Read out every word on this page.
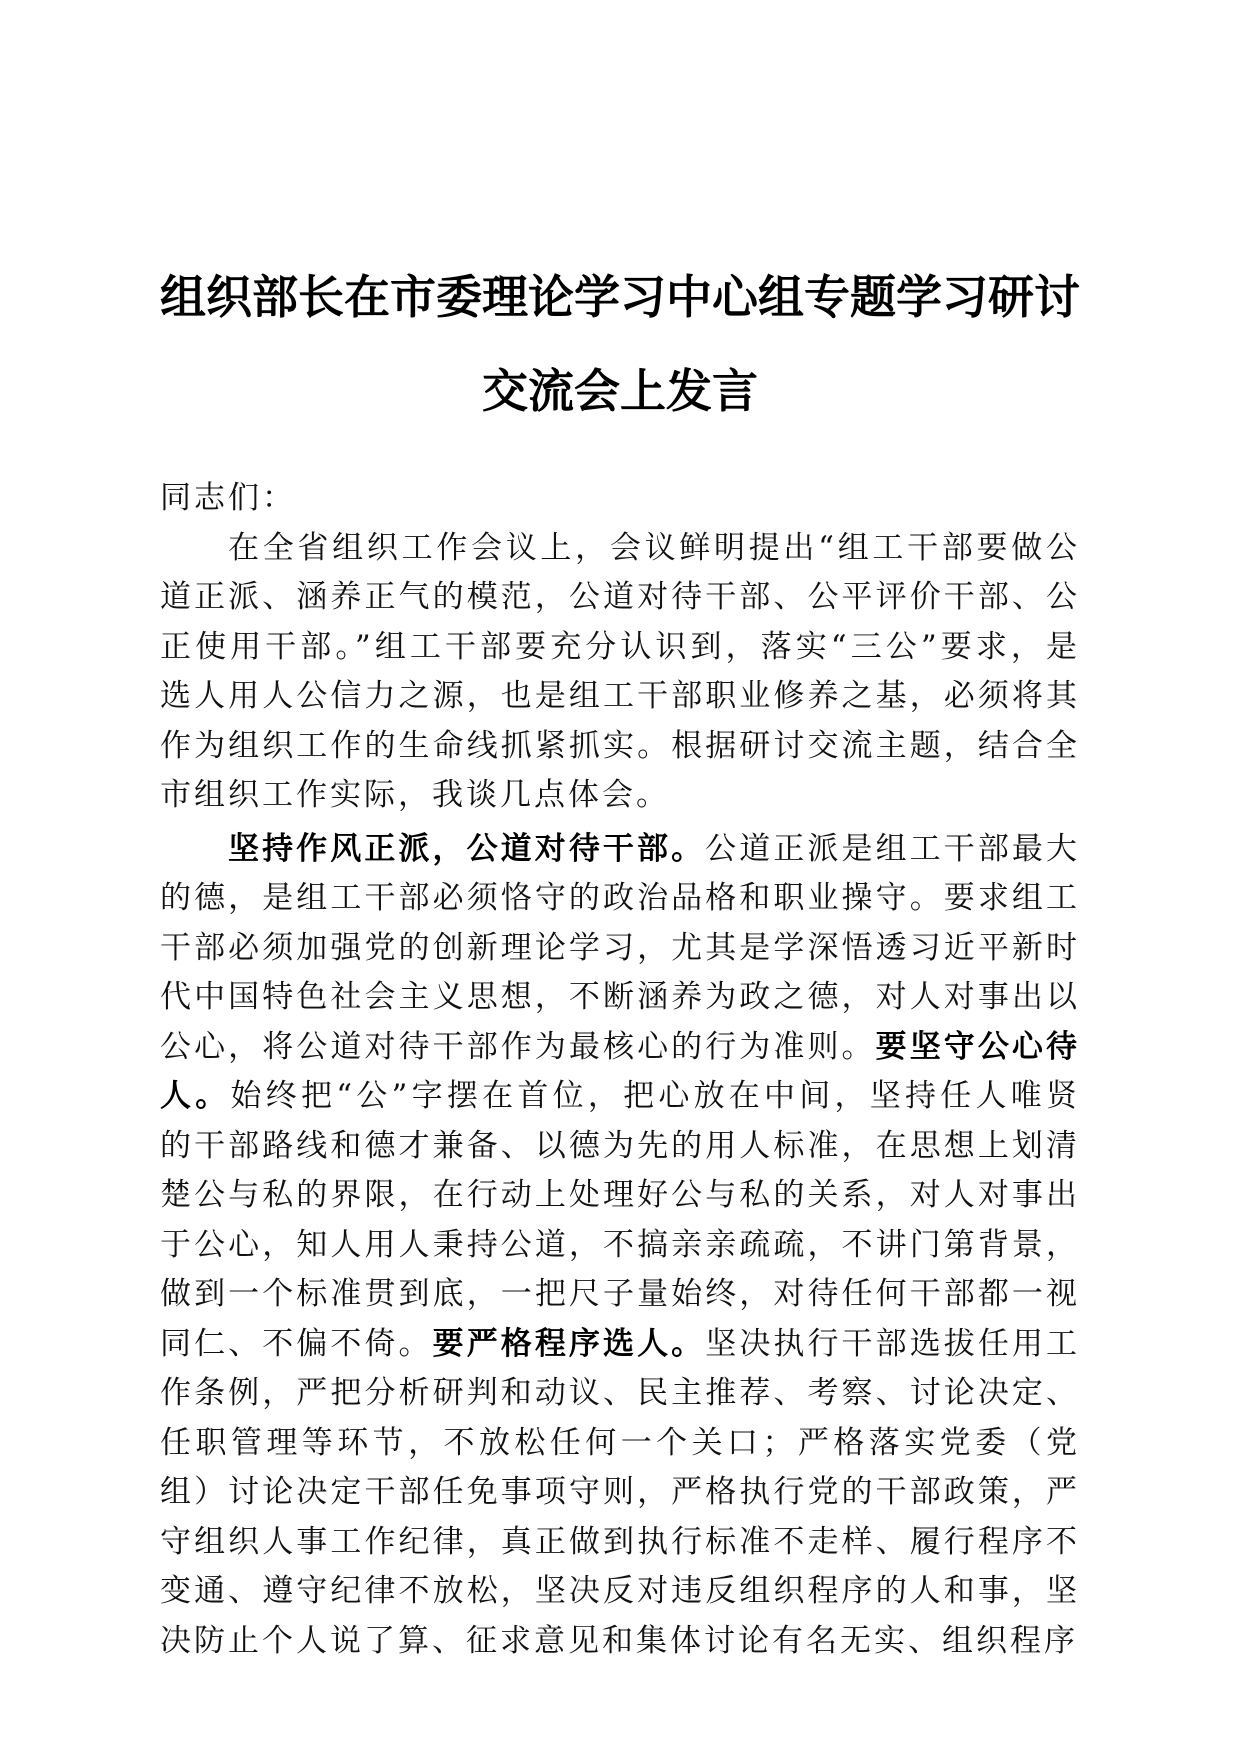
组织部长在市委理论学习中心组专题学习研讨
交流会上发言

同志们：

在全省组织工作会议上，会议鲜明提出“组工干部要做公道正派、涵养正气的模范，公道对待干部、公平评价干部、公正使用干部。”组工干部要充分认识到，落实“三公”要求，是选人用人公信力之源，也是组工干部职业修养之基，必须将其作为组织工作的生命线抓紧抓实。根据研讨交流主题，结合全市组织工作实际，我谈几点体会。

坚持作风正派，公道对待干部。公道正派是组工干部最大的德，是组工干部必须恪守的政治品格和职业操守。要求组工干部必须加强党的创新理论学习，尤其是学深悟透习近平新时代中国特色社会主义思想，不断涵养为政之德，对人对事出以公心，将公道对待干部作为最核心的行为准则。要坚守公心待人。始终把“公”字摆在首位，把心放在中间，坚持任人唯贤的干部路线和德才兼备、以德为先的用人标准，在思想上划清楚公与私的界限，在行动上处理好公与私的关系，对人对事出于公心，知人用人秉持公道，不搞亲亲疏疏，不讲门第背景，做到一个标准贯到底，一把尺子量始终，对待任何干部都一视同仁、不偏不倚。要严格程序选人。坚决执行干部选拔任用工作条例，严把分析研判和动议、民主推荐、考察、讨论决定、任职管理等环节，不放松任何一个关口；严格落实党委（党组）讨论决定干部任免事项守则，严格执行党的干部政策，严守组织人事工作纪律，真正做到执行标准不走样、履行程序不变通、遵守纪律不放松，坚决反对违反组织程序的人和事，坚决防止个人说了算、征求意见和集体讨论有名无实、组织程序
